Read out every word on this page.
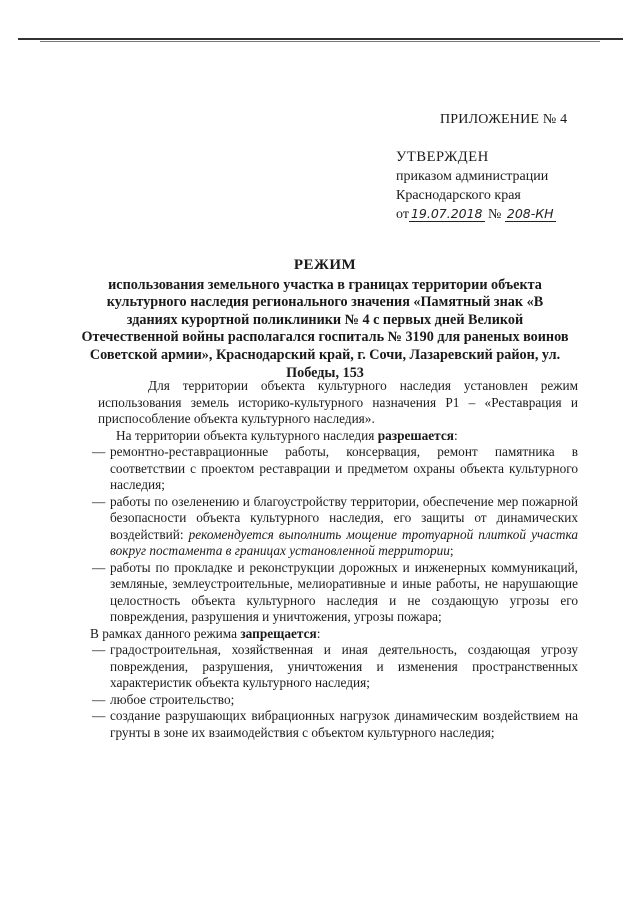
ПРИЛОЖЕНИЕ № 4
УТВЕРЖДЕН
приказом администрации
Краснодарского края
от 19.07.2018 № 208-КН
РЕЖИМ
использования земельного участка в границах территории объекта культурного наследия регионального значения «Памятный знак «В зданиях курортной поликлиники № 4 с первых дней Великой Отечественной войны располагался госпиталь № 3190 для раненых воинов Советской армии», Краснодарский край, г. Сочи, Лазаревский район, ул. Победы, 153

Для территории объекта культурного наследия установлен режим использования земель историко-культурного назначения Р1 – «Реставрация и приспособление объекта культурного наследия».

На территории объекта культурного наследия разрешается:

— ремонтно-реставрационные работы, консервация, ремонт памятника в соответствии с проектом реставрации и предметом охраны объекта культурного наследия;

— работы по озеленению и благоустройству территории, обеспечение мер пожарной безопасности объекта культурного наследия, его защиты от динамических воздействий: рекомендуется выполнить мощение тротуарной плиткой участка вокруг постамента в границах установленной территории;

— работы по прокладке и реконструкции дорожных и инженерных коммуникаций, земляные, землеустроительные, мелиоративные и иные работы, не нарушающие целостность объекта культурного наследия и не создающую угрозы его повреждения, разрушения и уничтожения, угрозы пожара;

В рамках данного режима запрещается:

— градостроительная, хозяйственная и иная деятельность, создающая угрозу повреждения, разрушения, уничтожения и изменения пространственных характеристик объекта культурного наследия;

— любое строительство;

— создание разрушающих вибрационных нагрузок динамическим воздействием на грунты в зоне их взаимодействия с объектом культурного наследия;
